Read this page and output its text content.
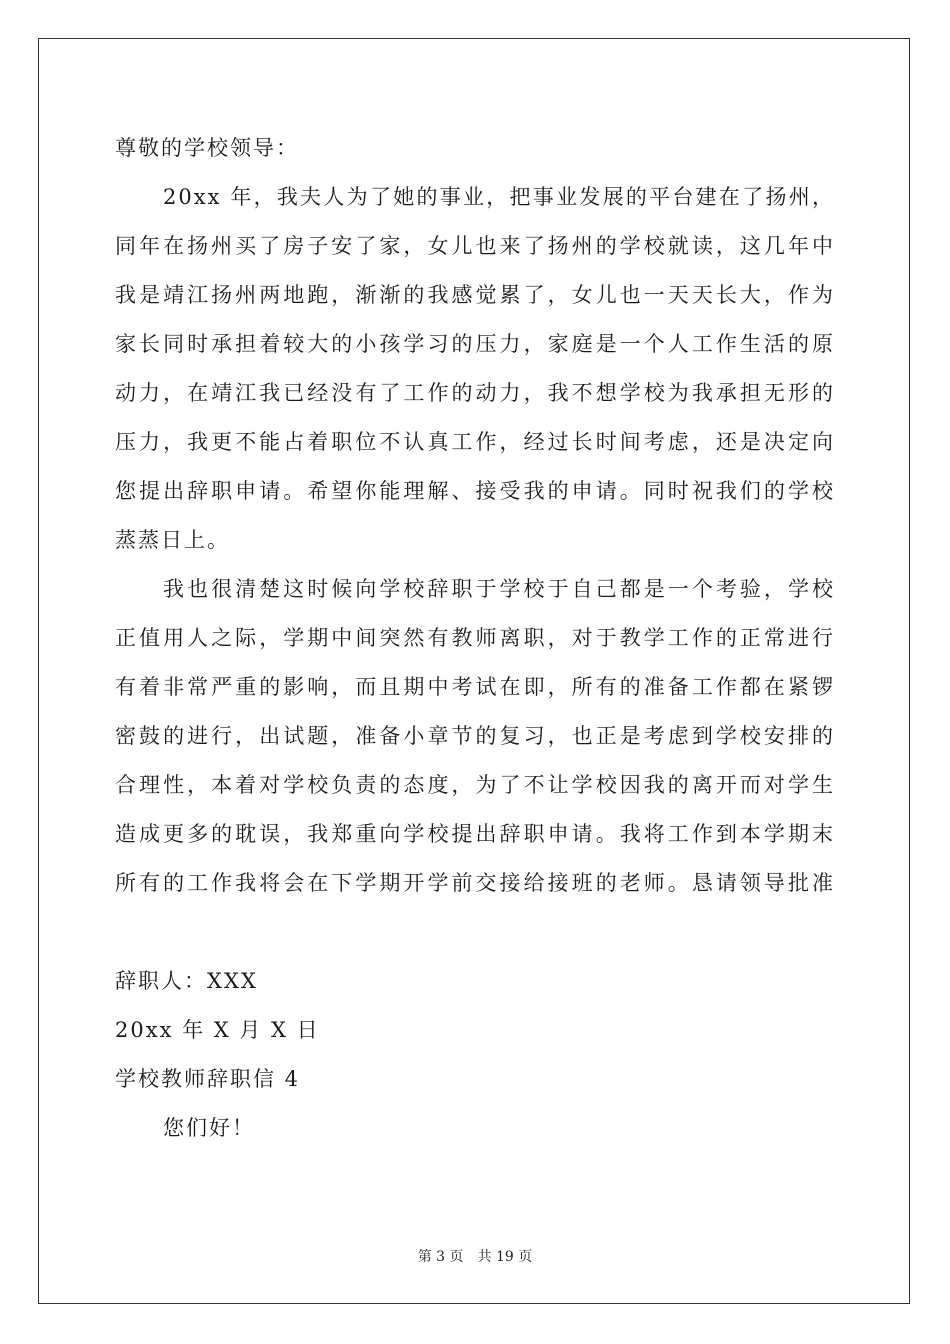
尊敬的学校领导：
20xx 年，我夫人为了她的事业，把事业发展的平台建在了扬州，
同年在扬州买了房子安了家，女儿也来了扬州的学校就读，这几年中
我是靖江扬州两地跑，渐渐的我感觉累了，女儿也一天天长大，作为
家长同时承担着较大的小孩学习的压力，家庭是一个人工作生活的原
动力，在靖江我已经没有了工作的动力，我不想学校为我承担无形的
压力，我更不能占着职位不认真工作，经过长时间考虑，还是决定向
您提出辞职申请。希望你能理解、接受我的申请。同时祝我们的学校
蒸蒸日上。
我也很清楚这时候向学校辞职于学校于自己都是一个考验，学校
正值用人之际，学期中间突然有教师离职，对于教学工作的正常进行
有着非常严重的影响，而且期中考试在即，所有的准备工作都在紧锣
密鼓的进行，出试题，准备小章节的复习，也正是考虑到学校安排的
合理性，本着对学校负责的态度，为了不让学校因我的离开而对学生
造成更多的耽误，我郑重向学校提出辞职申请。我将工作到本学期末
所有的工作我将会在下学期开学前交接给接班的老师。恳请领导批准
辞职人：XXX
20xx 年 X 月 X 日
学校教师辞职信 4
您们好！
第 3 页 共 19 页
